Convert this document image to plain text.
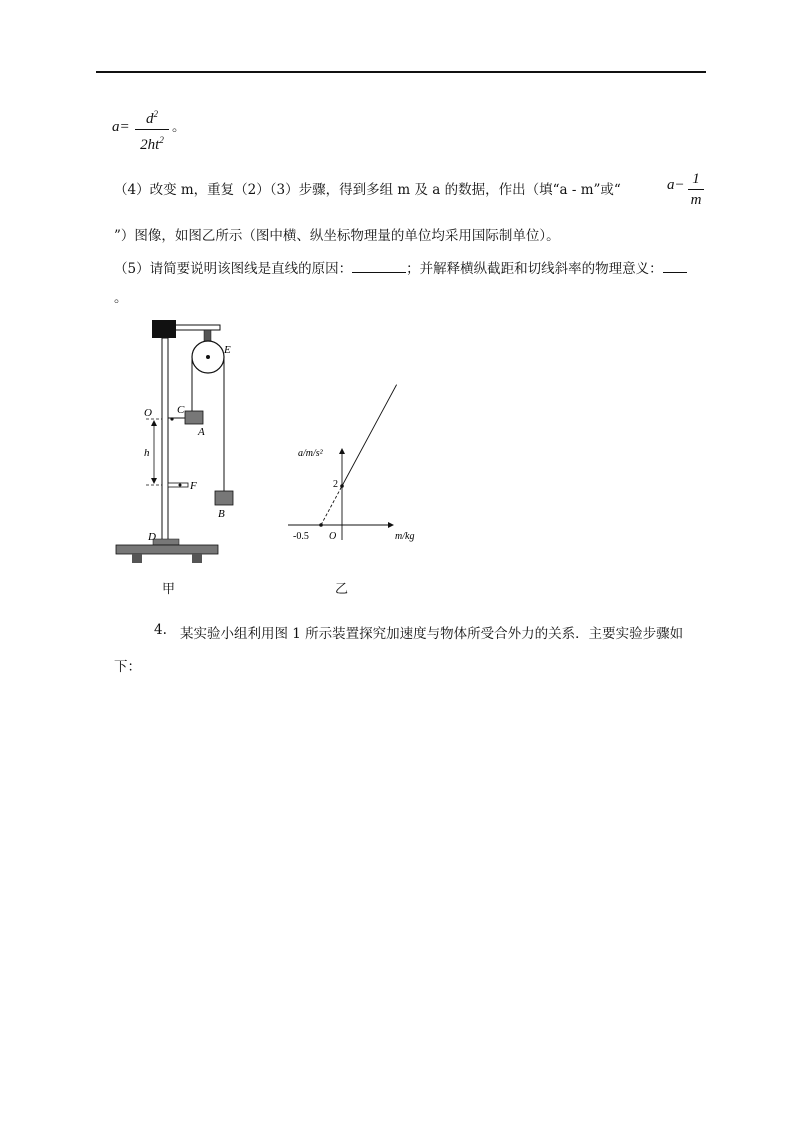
a=	$d^2$
$2ht^2$
。
（4）改变 m，重复（2）（3）步骤，得到多组 m 及 a 的数据，作出（填“a - m”或“	a− 1
m
”）图像，如图乙所示（图中横、纵坐标物理量的单位均采用国际制单位）。
（5）请简要说明该图线是直线的原因：	；并解释横纵截距和切线斜率的物理意义：
。
E
O C
A
h
F
B
D
甲
a/m/s²
m/kg
O
2
-0.5
乙
4. 某实验小组利用图 1 所示装置探究加速度与物体所受合外力的关系．主要实验步骤如
下：
